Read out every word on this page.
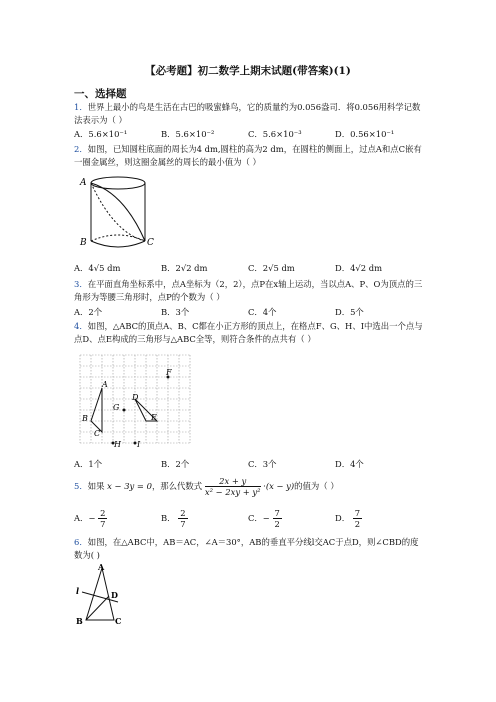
【必考题】初二数学上期末试题(带答案)(1)
一、选择题
1．世界上最小的鸟是生活在古巴的吸蜜蜂鸟，它的质量约为0.056盎司．将0.056用科学记数法表示为（ ）
A．5.6×10⁻¹	B．5.6×10⁻²	C．5.6×10⁻³	D．0.56×10⁻¹
2．如图，已知圆柱底面的周长为4 dm,圆柱的高为2 dm，在圆柱的侧面上，过点A和点C嵌有一圈金属丝，则这圈金属丝的周长的最小值为（ ）
A
B	C
A．4√5 dm	B．2√2 dm	C．2√5 dm	D．4√2 dm
3．在平面直角坐标系中，点A坐标为（2，2），点P在x轴上运动，当以点A、P、O为顶点的三角形为等腰三角形时，点P的个数为（ ）
A．2个	B．3个	C．4个	D．5个
4．如图，△ABC的顶点A、B、C都在小正方形的顶点上，在格点F、G、H、I中选出一个点与点D、点E构成的三角形与△ABC全等，则符合条件的点共有（ ）
F
A
D
G
B	E
C
H I
A．1个	B．2个	C．3个	D．4个
5．如果 x − 3y = 0，那么代数式 $\frac{2x + y}{\text{x² − 2xy + y²}} \cdot(x - y)$的值为（ ）
A．− $\frac{2}{7}$	B． $\frac{2}{7}$	C．− $\frac{7}{2}$	D． $\frac{7}{2}$
6．如图，在△ABC中，AB＝AC，∠A＝30°，AB的垂直平分线l交AC于点D，则∠CBD的度数为( )
A
l	D
B	C
